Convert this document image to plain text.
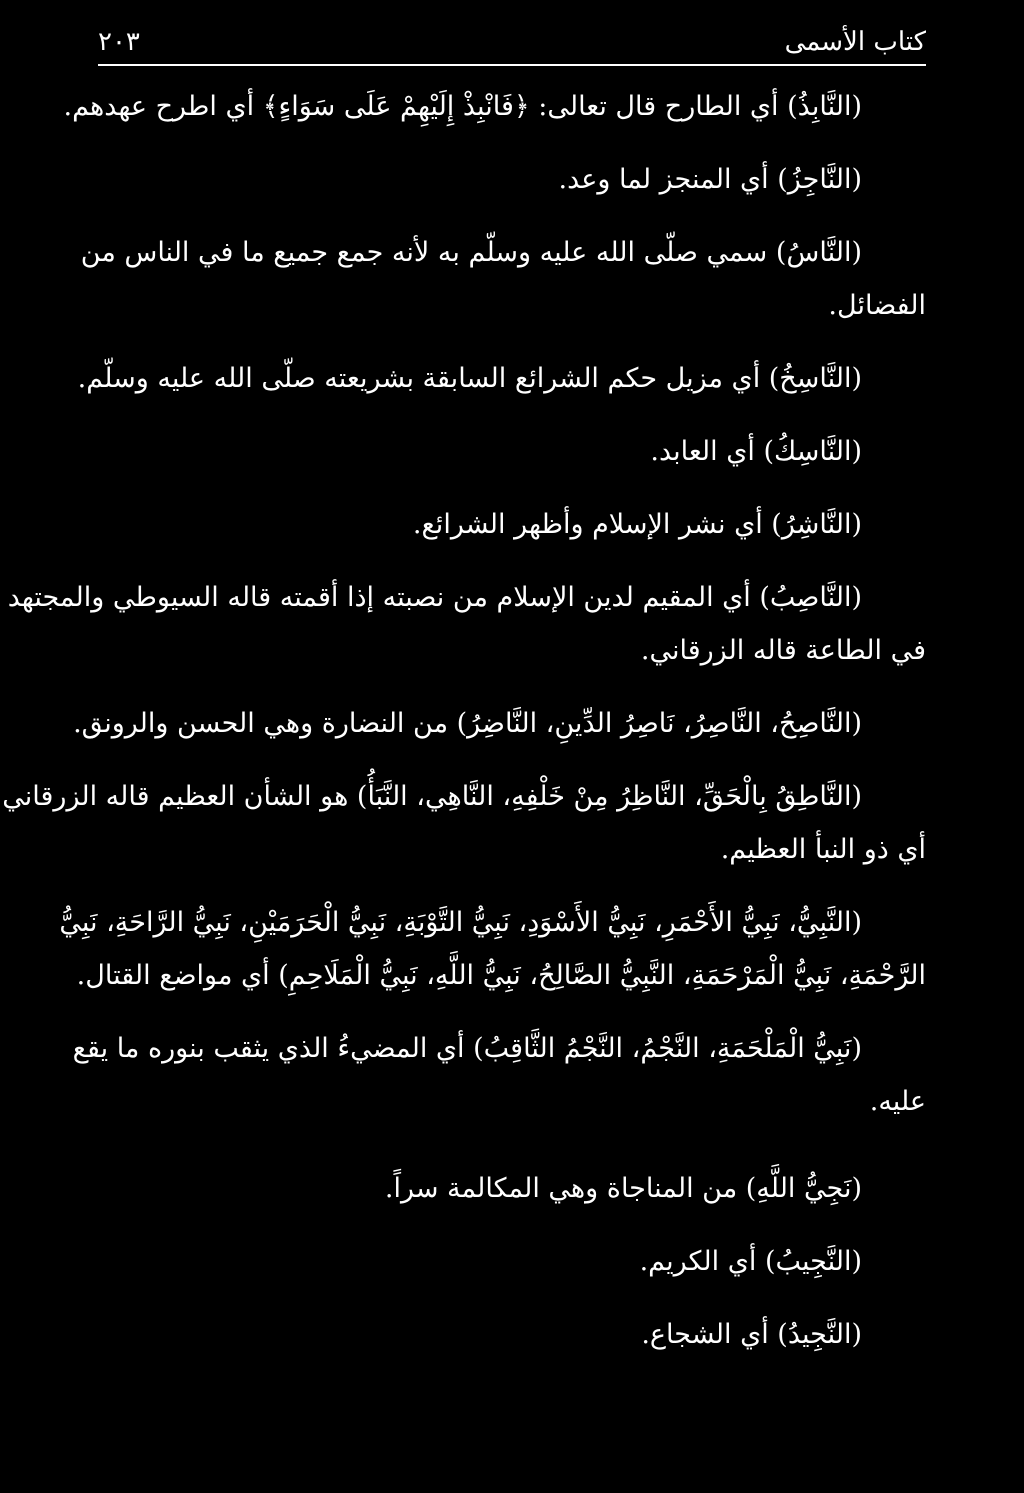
كتاب الأسمى
٢٠٣

(النَّابِذُ) أي الطارح قال تعالى: ﴿فَانْبِذْ إِلَيْهِمْ عَلَى سَوَاءٍ﴾ أي اطرح عهدهم.

(النَّاجِزُ) أي المنجز لما وعد.

(النَّاسُ) سمي صلّى الله عليه وسلّم به لأنه جمع جميع ما في الناس من

الفضائل.

(النَّاسِخُ) أي مزيل حكم الشرائع السابقة بشريعته صلّى الله عليه وسلّم.

(النَّاسِكُ) أي العابد.

(النَّاشِرُ) أي نشر الإسلام وأظهر الشرائع.

(النَّاصِبُ) أي المقيم لدين الإسلام من نصبته إذا أقمته قاله السيوطي والمجتهد

في الطاعة قاله الزرقاني.

(النَّاصِحُ، النَّاصِرُ، نَاصِرُ الدِّينِ، النَّاضِرُ) من النضارة وهي الحسن والرونق.

(النَّاطِقُ بِالْحَقِّ، النَّاظِرُ مِنْ خَلْفِهِ، النَّاهِي، النَّبَأُ) هو الشأن العظيم قاله الزرقاني

أي ذو النبأ العظيم.

(النَّبِيُّ، نَبِيُّ الأَحْمَرِ، نَبِيُّ الأَسْوَدِ، نَبِيُّ التَّوْبَةِ، نَبِيُّ الْحَرَمَيْنِ، نَبِيُّ الرَّاحَةِ، نَبِيُّ

الرَّحْمَةِ، نَبِيُّ الْمَرْحَمَةِ، النَّبِيُّ الصَّالِحُ، نَبِيُّ اللَّهِ، نَبِيُّ الْمَلَاحِمِ) أي مواضع القتال.

(نَبِيُّ الْمَلْحَمَةِ، النَّجْمُ، النَّجْمُ الثَّاقِبُ) أي المضيءُ الذي يثقب بنوره ما يقع

عليه.

(نَجِيُّ اللَّهِ) من المناجاة وهي المكالمة سراً.

(النَّجِيبُ) أي الكريم.

(النَّجِيدُ) أي الشجاع.
